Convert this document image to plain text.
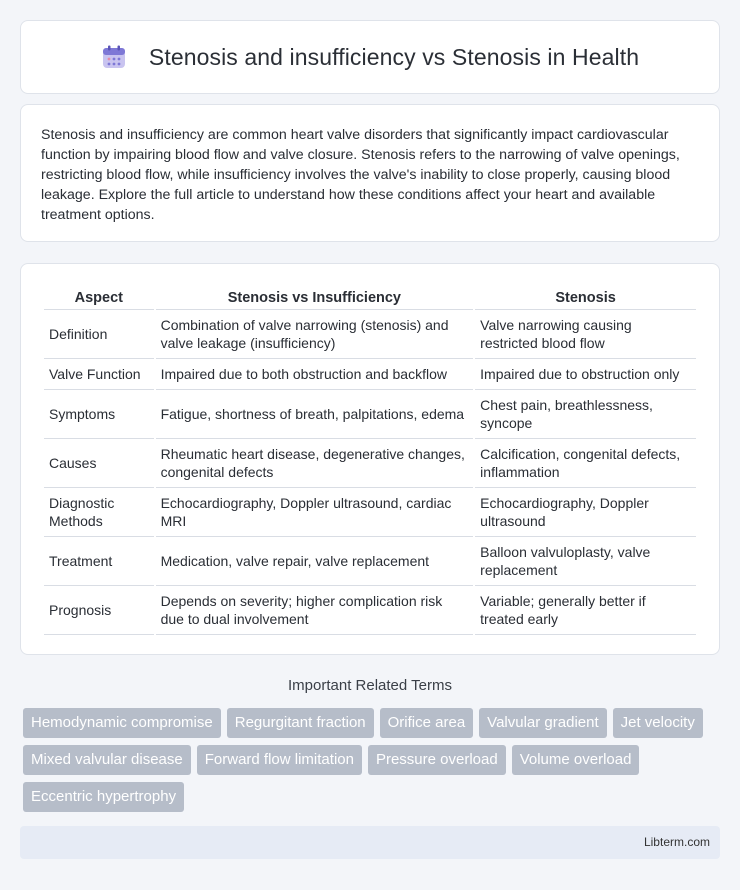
Stenosis and insufficiency vs Stenosis in Health

Stenosis and insufficiency are common heart valve disorders that significantly impact cardiovascular function by impairing blood flow and valve closure. Stenosis refers to the narrowing of valve openings, restricting blood flow, while insufficiency involves the valve's inability to close properly, causing blood leakage. Explore the full article to understand how these conditions affect your heart and available treatment options.

Aspect	Stenosis vs Insufficiency	Stenosis
Definition	Combination of valve narrowing (stenosis) and valve leakage (insufficiency)	Valve narrowing causing restricted blood flow
Valve Function	Impaired due to both obstruction and backflow	Impaired due to obstruction only
Symptoms	Fatigue, shortness of breath, palpitations, edema	Chest pain, breathlessness, syncope
Causes	Rheumatic heart disease, degenerative changes, congenital defects	Calcification, congenital defects, inflammation
Diagnostic Methods	Echocardiography, Doppler ultrasound, cardiac MRI	Echocardiography, Doppler ultrasound
Treatment	Medication, valve repair, valve replacement	Balloon valvuloplasty, valve replacement
Prognosis	Depends on severity; higher complication risk due to dual involvement	Variable; generally better if treated early
Important Related Terms
Hemodynamic compromise	Regurgitant fraction	Orifice area	Valvular gradient	Jet velocity
Mixed valvular disease	Forward flow limitation	Pressure overload	Volume overload
Eccentric hypertrophy
Libterm.com
